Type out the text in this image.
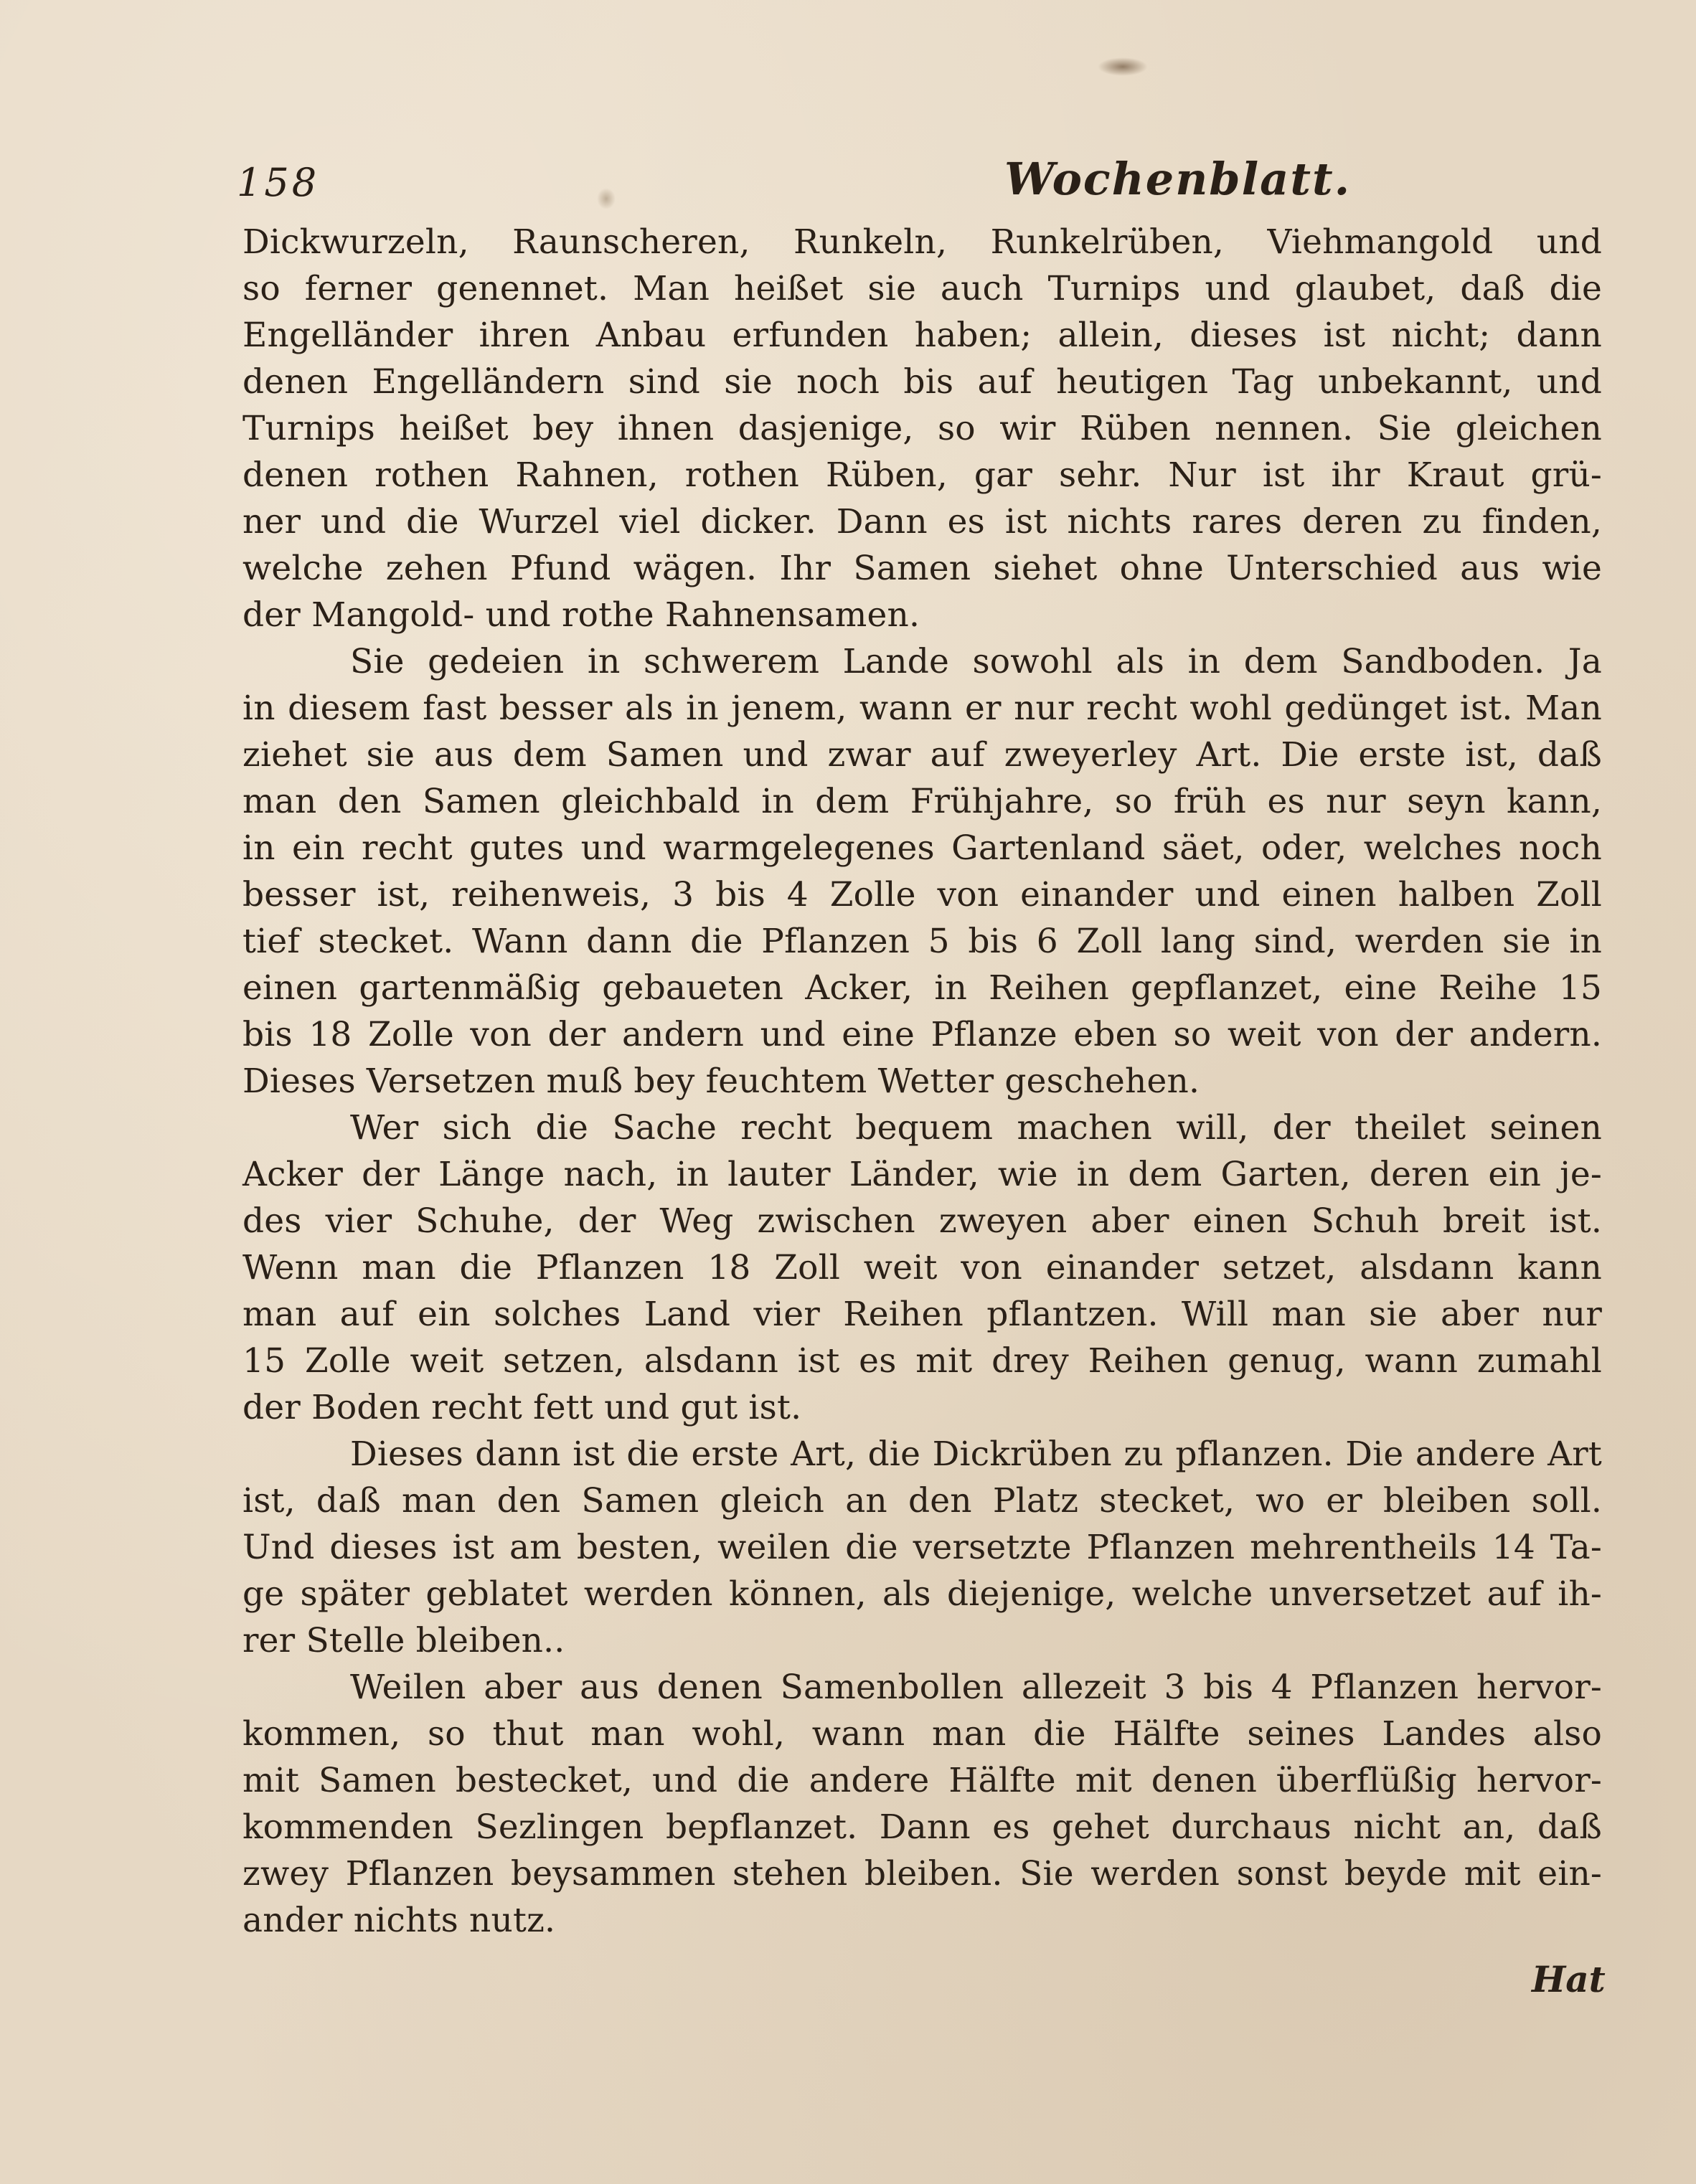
158	Wochenblatt.
Dickwurzeln, Raunscheren, Runkeln, Runkelrüben, Viehmangold und
so ferner genennet. Man heißet sie auch Turnips und glaubet, daß die
Engelländer ihren Anbau erfunden haben; allein, dieses ist nicht; dann
denen Engelländern sind sie noch bis auf heutigen Tag unbekannt, und
Turnips heißet bey ihnen dasjenige, so wir Rüben nennen. Sie gleichen
denen rothen Rahnen, rothen Rüben, gar sehr. Nur ist ihr Kraut grü-
ner und die Wurzel viel dicker. Dann es ist nichts rares deren zu finden,
welche zehen Pfund wägen. Ihr Samen siehet ohne Unterschied aus wie
der Mangold- und rothe Rahnensamen.
Sie gedeien in schwerem Lande sowohl als in dem Sandboden. Ja
in diesem fast besser als in jenem, wann er nur recht wohl gedünget ist. Man
ziehet sie aus dem Samen und zwar auf zweyerley Art. Die erste ist, daß
man den Samen gleichbald in dem Frühjahre, so früh es nur seyn kann,
in ein recht gutes und warmgelegenes Gartenland säet, oder, welches noch
besser ist, reihenweis, 3 bis 4 Zolle von einander und einen halben Zoll
tief stecket. Wann dann die Pflanzen 5 bis 6 Zoll lang sind, werden sie in
einen gartenmäßig gebaueten Acker, in Reihen gepflanzet, eine Reihe 15
bis 18 Zolle von der andern und eine Pflanze eben so weit von der andern.
Dieses Versetzen muß bey feuchtem Wetter geschehen.
Wer sich die Sache recht bequem machen will, der theilet seinen
Acker der Länge nach, in lauter Länder, wie in dem Garten, deren ein je-
des vier Schuhe, der Weg zwischen zweyen aber einen Schuh breit ist.
Wenn man die Pflanzen 18 Zoll weit von einander setzet, alsdann kann
man auf ein solches Land vier Reihen pflantzen. Will man sie aber nur
15 Zolle weit setzen, alsdann ist es mit drey Reihen genug, wann zumahl
der Boden recht fett und gut ist.
Dieses dann ist die erste Art, die Dickrüben zu pflanzen. Die andere Art
ist, daß man den Samen gleich an den Platz stecket, wo er bleiben soll.
Und dieses ist am besten, weilen die versetzte Pflanzen mehrentheils 14 Ta-
ge später geblatet werden können, als diejenige, welche unversetzet auf ih-
rer Stelle bleiben..
Weilen aber aus denen Samenbollen allezeit 3 bis 4 Pflanzen hervor-
kommen, so thut man wohl, wann man die Hälfte seines Landes also
mit Samen bestecket, und die andere Hälfte mit denen überflüßig hervor-
kommenden Sezlingen bepflanzet. Dann es gehet durchaus nicht an, daß
zwey Pflanzen beysammen stehen bleiben. Sie werden sonst beyde mit ein-
ander nichts nutz.
Hat
